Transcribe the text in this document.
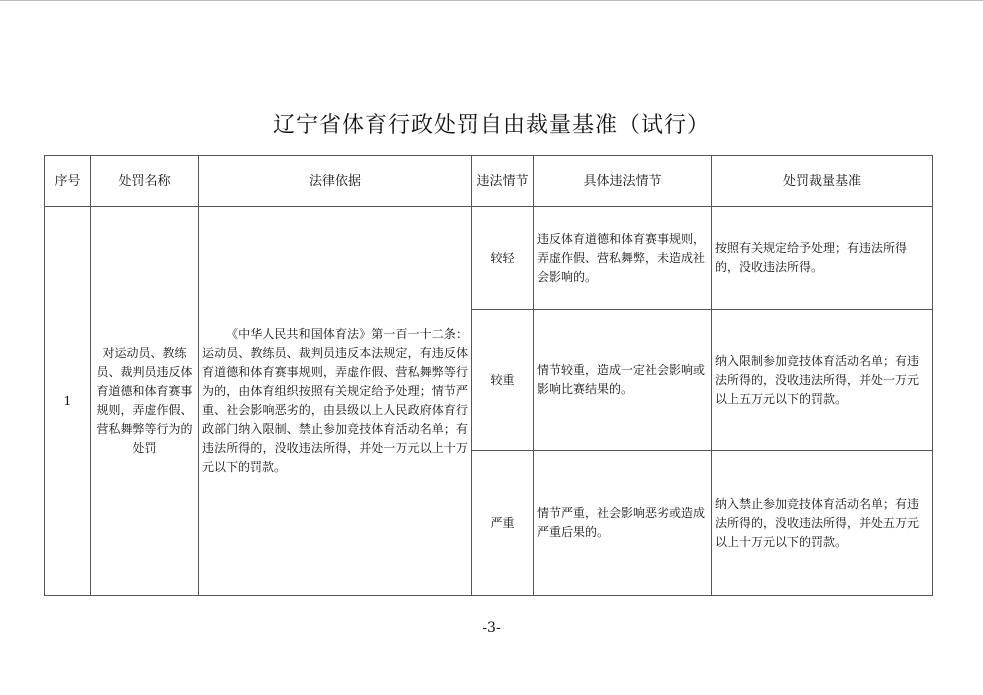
辽宁省体育行政处罚自由裁量基准（试行）
序号	处罚名称	法律依据	违法情节	具体违法情节	处罚裁量基准
1	对运动员、教练员、裁判员违反体育道德和体育赛事规则，弄虚作假、营私舞弊等行为的处罚	《中华人民共和国体育法》第一百一十二条：运动员、教练员、裁判员违反本法规定，有违反体育道德和体育赛事规则，弄虚作假、营私舞弊等行为的，由体育组织按照有关规定给予处理；情节严重、社会影响恶劣的，由县级以上人民政府体育行政部门纳入限制、禁止参加竞技体育活动名单；有违法所得的，没收违法所得，并处一万元以上十万元以下的罚款。	较轻	违反体育道德和体育赛事规则，弄虚作假、营私舞弊，未造成社会影响的。	按照有关规定给予处理；有违法所得的，没收违法所得。
			较重	情节较重，造成一定社会影响或影响比赛结果的。	纳入限制参加竞技体育活动名单；有违法所得的，没收违法所得，并处一万元以上五万元以下的罚款。
			严重	情节严重，社会影响恶劣或造成严重后果的。	纳入禁止参加竞技体育活动名单；有违法所得的，没收违法所得，并处五万元以上十万元以下的罚款。
-3-
